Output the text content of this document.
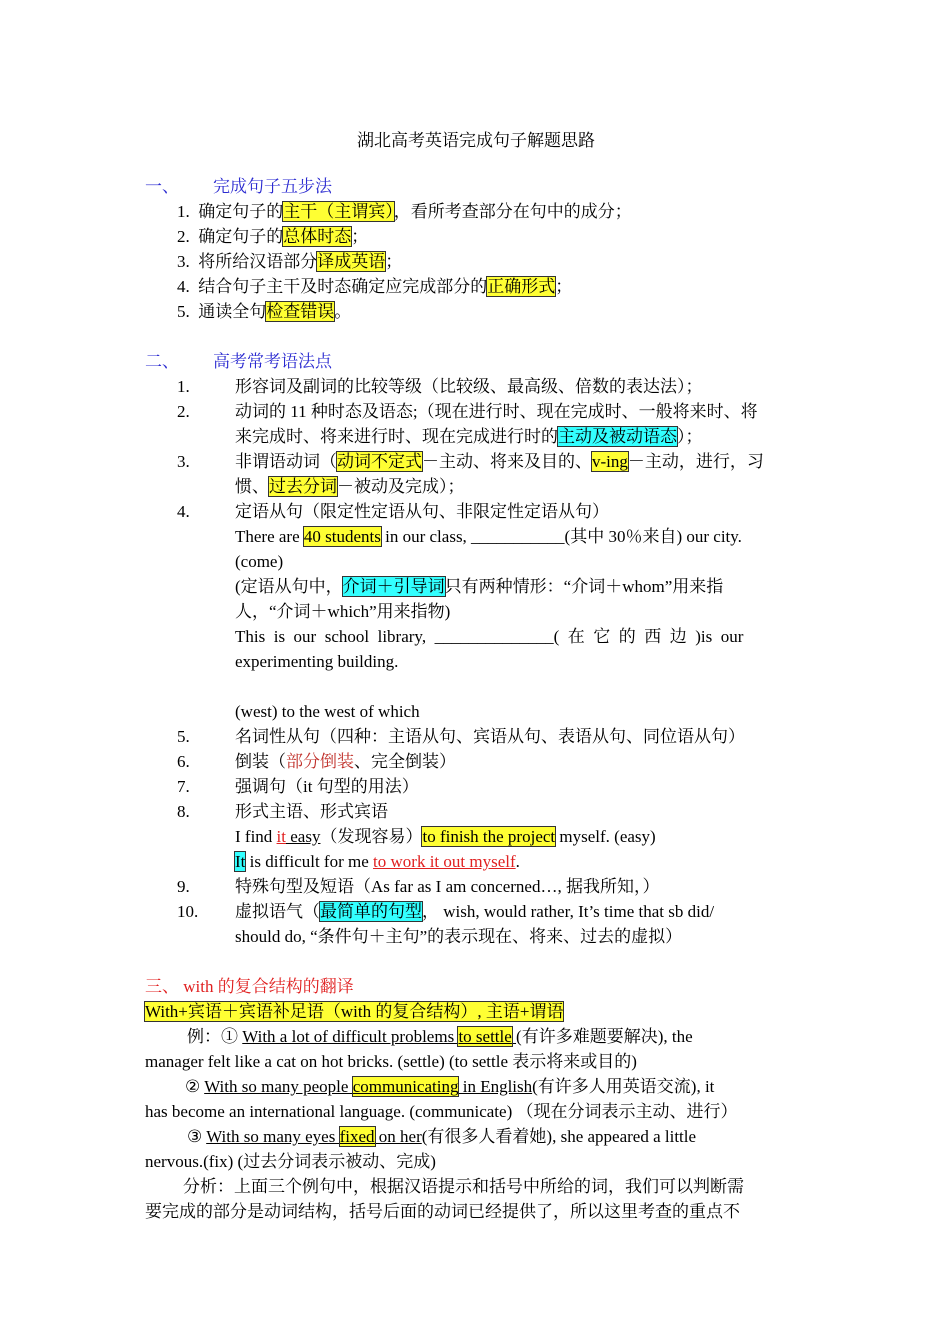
湖北高考英语完成句子解题思路
一、 完成句子五步法
1. 确定句子的主干（主谓宾），看所考查部分在句中的成分；
2. 确定句子的总体时态；
3. 将所给汉语部分译成英语；
4. 结合句子主干及时态确定应完成部分的正确形式；
5. 通读全句检查错误。
二、 高考常考语法点
1.	形容词及副词的比较等级（比较级、最高级、倍数的表达法）；
2.	动词的 11 种时态及语态;（现在进行时、现在完成时、一般将来时、将
来完成时、将来进行时、现在完成进行时的主动及被动语态）；
3.	非谓语动词（动词不定式－主动、将来及目的、v-ing－主动，进行，习
惯、过去分词－被动及完成）；
4.	定语从句（限定性定语从句、非限定性定语从句）
There are 40 students in our class, ___________(其中 30％来自) our city.
(come)
(定语从句中，介词＋引导词只有两种情形：“介词＋whom”用来指
人，“介词＋which”用来指物)
This  is  our  school  library,  ______________(  在  它  的  西  边  )is  our
experimenting building.
(west) to the west of which
5.	名词性从句（四种：主语从句、宾语从句、表语从句、同位语从句）
6.	倒装（部分倒装、完全倒装）
7.	强调句（it 句型的用法）
8.	形式主语、形式宾语
I find it easy（发现容易）to finish the project myself. (easy)
It is difficult for me to work it out myself.
9.	特殊句型及短语（As far as I am concerned…, 据我所知，）
10. 虚拟语气（最简单的句型， wish, would rather, It’s time that sb did/
should do, “条件句＋主句”的表示现在、将来、过去的虚拟）
三、 with 的复合结构的翻译
With+宾语＋宾语补足语（with 的复合结构）, 主语+谓语
例：① With a lot of difficult problems to settle (有许多难题要解决), the
manager felt like a cat on hot bricks. (settle) (to settle 表示将来或目的)
② With so many people communicating in English(有许多人用英语交流), it
has become an international language. (communicate) （现在分词表示主动、进行）
③ With so many eyes fixed on her(有很多人看着她), she appeared a little
nervous.(fix) (过去分词表示被动、完成)
分析：上面三个例句中，根据汉语提示和括号中所给的词，我们可以判断需
要完成的部分是动词结构，括号后面的动词已经提供了，所以这里考查的重点不
